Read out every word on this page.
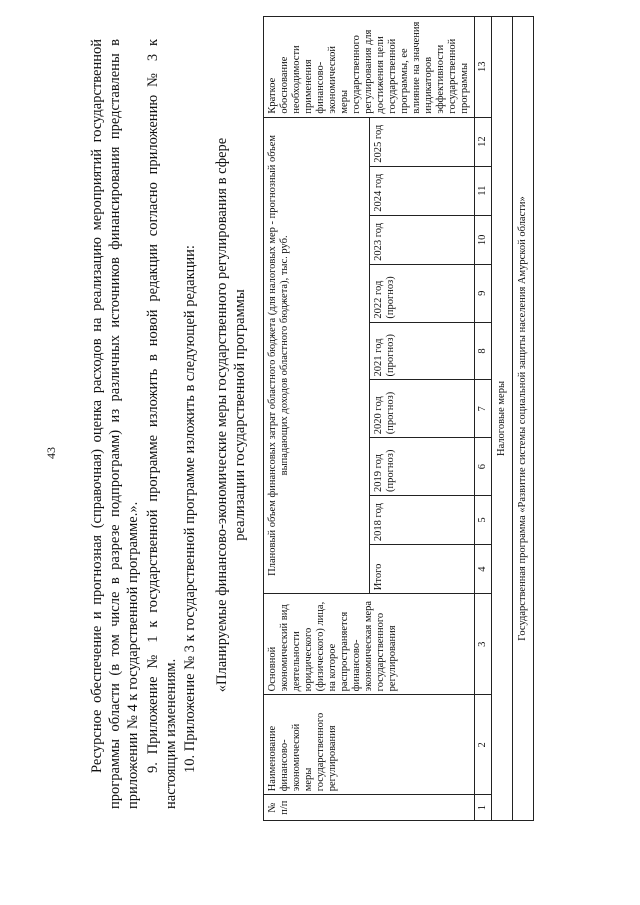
43 Ресурсное обеспечение и прогнозная (справочная) оценка расходов на реализацию мероприятий государственной программы области (в том числе в разрезе подпрограмм) из различных источников финансирования представлены в приложении № 4 к государственной программе.». 9. Приложение № 1 к государственной программе изложить в новой редакции согласно приложению № 3 к настоящим изменениям. 10. Приложение № 3 к государственной программе изложить в следующей редакции: «Планируемые финансово-экономические меры государственного регулирования в сфере реализации государственной программы
№ п/п	Наименование финансово-экономической меры государственного регулирования	Основной экономический вид деятельности юридического (физического) лица, на которое распространяется финансово-экономическая мера государственного регулирования	Плановый объем финансовых затрат областного бюджета (для налоговых мер - прогнозный объем выпадающих доходов областного бюджета), тыс. руб.									Краткое обоснование необходимости применения финансово-экономической меры государственного регулирования для достижения цели государственной программы, ее влияние на значения индикаторов эффективности государственной программы
			Итого	2018 год	2019 год (прогноз)	2020 год (прогноз)	2021 год (прогноз)	2022 год (прогноз)	2023 год	2024 год	2025 год	
1	2	3	4	5	6	7	8	9	10	11	12	13
Налоговые меры												
Государственная программа «Развитие системы социальной защиты населения Амурской области»												
